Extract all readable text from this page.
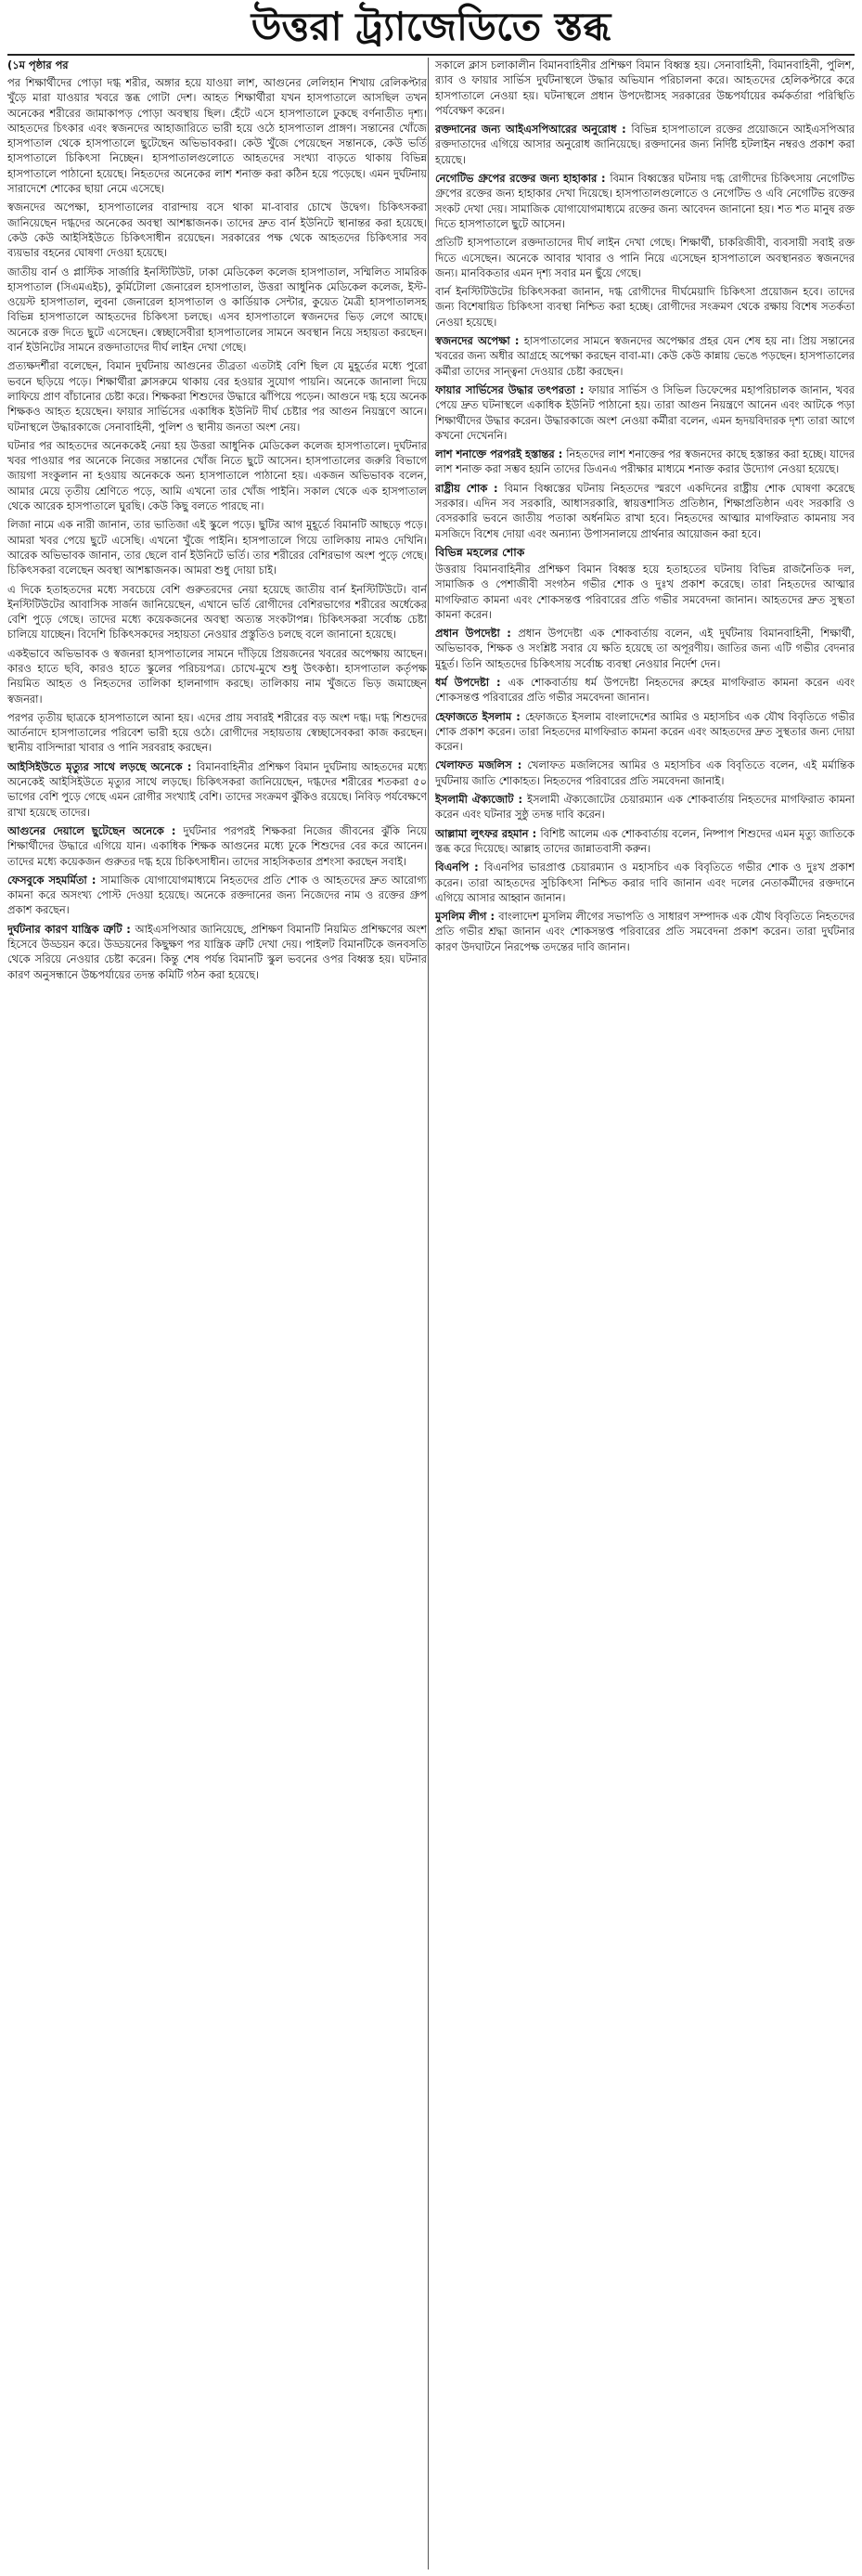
উত্তরা ট্র্যাজেডিতে স্তব্ধ
(১ম পৃষ্ঠার পর
পর শিক্ষার্থীদের পোড়া দগ্ধ শরীর, অঙ্গার হয়ে যাওয়া লাশ, আগুনের লেলিহান শিখায় রেলিকপ্টার খুঁড়ে মারা যাওয়ার খবরে স্তব্ধ গোটা দেশ। আহত শিক্ষার্থীরা যখন হাসপাতালে আসছিল তখন অনেকের শরীরের জামাকাপড় পোড়া অবস্থায় ছিল। হেঁটে এসে হাসপাতালে ঢুকছে বর্ণনাতীত দৃশ্য। আহতদের চিৎকার এবং স্বজনদের আহাজারিতে ভারী হয়ে ওঠে হাসপাতাল প্রাঙ্গণ। সন্তানের খোঁজে হাসপাতাল থেকে হাসপাতালে ছুটেছেন অভিভাবকরা। কেউ খুঁজে পেয়েছেন সন্তানকে, কেউ ভর্তি হাসপাতালে চিকিৎসা নিচ্ছেন। হাসপাতালগুলোতে আহতদের সংখ্যা বাড়তে থাকায় বিভিন্ন হাসপাতালে পাঠানো হয়েছে। নিহতদের অনেকের লাশ শনাক্ত করা কঠিন হয়ে পড়েছে। এমন দুর্ঘটনায় সারাদেশে শোকের ছায়া নেমে এসেছে।
স্বজনদের অপেক্ষা, হাসপাতালের বারান্দায় বসে থাকা মা-বাবার চোখে উদ্বেগ। চিকিৎসকরা জানিয়েছেন দগ্ধদের অনেকের অবস্থা আশঙ্কাজনক। তাদের দ্রুত বার্ন ইউনিটে স্থানান্তর করা হয়েছে। কেউ কেউ আইসিইউতে চিকিৎসাধীন রয়েছেন। সরকারের পক্ষ থেকে আহতদের চিকিৎসার সব ব্যয়ভার বহনের ঘোষণা দেওয়া হয়েছে।
জাতীয় বার্ন ও প্লাস্টিক সার্জারি ইনস্টিটিউট, ঢাকা মেডিকেল কলেজ হাসপাতাল, সম্মিলিত সামরিক হাসপাতাল (সিএমএইচ), কুর্মিটোলা জেনারেল হাসপাতাল, উত্তরা আধুনিক মেডিকেল কলেজ, ইস্ট-ওয়েস্ট হাসপাতাল, লুবনা জেনারেল হাসপাতাল ও কার্ডিয়াক সেন্টার, কুয়েত মৈত্রী হাসপাতালসহ বিভিন্ন হাসপাতালে আহতদের চিকিৎসা চলছে। এসব হাসপাতালে স্বজনদের ভিড় লেগে আছে। অনেকে রক্ত দিতে ছুটে এসেছেন। স্বেচ্ছাসেবীরা হাসপাতালের সামনে অবস্থান নিয়ে সহায়তা করছেন। বার্ন ইউনিটের সামনে রক্তদাতাদের দীর্ঘ লাইন দেখা গেছে।
প্রত্যক্ষদর্শীরা বলেছেন, বিমান দুর্ঘটনায় আগুনের তীব্রতা এতটাই বেশি ছিল যে মুহূর্তের মধ্যে পুরো ভবনে ছড়িয়ে পড়ে। শিক্ষার্থীরা ক্লাসরুমে থাকায় বের হওয়ার সুযোগ পায়নি। অনেকে জানালা দিয়ে লাফিয়ে প্রাণ বাঁচানোর চেষ্টা করে। শিক্ষকরা শিশুদের উদ্ধারে ঝাঁপিয়ে পড়েন। আগুনে দগ্ধ হয়ে অনেক শিক্ষকও আহত হয়েছেন। ফায়ার সার্ভিসের একাধিক ইউনিট দীর্ঘ চেষ্টার পর আগুন নিয়ন্ত্রণে আনে। ঘটনাস্থলে উদ্ধারকাজে সেনাবাহিনী, পুলিশ ও স্থানীয় জনতা অংশ নেয়।
ঘটনার পর আহতদের অনেককেই নেয়া হয় উত্তরা আধুনিক মেডিকেল কলেজ হাসপাতালে। দুর্ঘটনার খবর পাওয়ার পর অনেকে নিজের সন্তানের খোঁজ নিতে ছুটে আসেন। হাসপাতালের জরুরি বিভাগে জায়গা সংকুলান না হওয়ায় অনেককে অন্য হাসপাতালে পাঠানো হয়। একজন অভিভাবক বলেন, আমার মেয়ে তৃতীয় শ্রেণিতে পড়ে, আমি এখনো তার খোঁজ পাইনি। সকাল থেকে এক হাসপাতাল থেকে আরেক হাসপাতালে ঘুরছি। কেউ কিছু বলতে পারছে না।
লিজা নামে এক নারী জানান, তার ভাতিজা এই স্কুলে পড়ে। ছুটির আগ মুহূর্তে বিমানটি আছড়ে পড়ে। আমরা খবর পেয়ে ছুটে এসেছি। এখনো খুঁজে পাইনি। হাসপাতালে গিয়ে তালিকায় নামও দেখিনি। আরেক অভিভাবক জানান, তার ছেলে বার্ন ইউনিটে ভর্তি। তার শরীরের বেশিরভাগ অংশ পুড়ে গেছে। চিকিৎসকরা বলেছেন অবস্থা আশঙ্কাজনক। আমরা শুধু দোয়া চাই।
এ দিকে হতাহতদের মধ্যে সবচেয়ে বেশি গুরুতরদের নেয়া হয়েছে জাতীয় বার্ন ইনস্টিটিউটে। বার্ন ইনস্টিটিউটের আবাসিক সার্জন জানিয়েছেন, এখানে ভর্তি রোগীদের বেশিরভাগের শরীরের অর্ধেকের বেশি পুড়ে গেছে। তাদের মধ্যে কয়েকজনের অবস্থা অত্যন্ত সংকটাপন্ন। চিকিৎসকরা সর্বোচ্চ চেষ্টা চালিয়ে যাচ্ছেন। বিদেশি চিকিৎসকদের সহায়তা নেওয়ার প্রস্তুতিও চলছে বলে জানানো হয়েছে।
একইভাবে অভিভাবক ও স্বজনরা হাসপাতালের সামনে দাঁড়িয়ে প্রিয়জনের খবরের অপেক্ষায় আছেন। কারও হাতে ছবি, কারও হাতে স্কুলের পরিচয়পত্র। চোখে-মুখে শুধু উৎকণ্ঠা। হাসপাতাল কর্তৃপক্ষ নিয়মিত আহত ও নিহতদের তালিকা হালনাগাদ করছে। তালিকায় নাম খুঁজতে ভিড় জমাচ্ছেন স্বজনরা।
পরপর তৃতীয় ছাত্রকে হাসপাতালে আনা হয়। এদের প্রায় সবারই শরীরের বড় অংশ দগ্ধ। দগ্ধ শিশুদের আর্তনাদে হাসপাতালের পরিবেশ ভারী হয়ে ওঠে। রোগীদের সহায়তায় স্বেচ্ছাসেবকরা কাজ করছেন। স্থানীয় বাসিন্দারা খাবার ও পানি সরবরাহ করছেন।
আইসিইউতে মৃত্যুর সাথে লড়ছে অনেকে : বিমানবাহিনীর প্রশিক্ষণ বিমান দুর্ঘটনায় আহতদের মধ্যে অনেকেই আইসিইউতে মৃত্যুর সাথে লড়ছে। চিকিৎসকরা জানিয়েছেন, দগ্ধদের শরীরের শতকরা ৫০ ভাগের বেশি পুড়ে গেছে এমন রোগীর সংখ্যাই বেশি। তাদের সংক্রমণ ঝুঁকিও রয়েছে। নিবিড় পর্যবেক্ষণে রাখা হয়েছে তাদের।
আগুনের দেয়ালে ছুটেছেন অনেকে : দুর্ঘটনার পরপরই শিক্ষকরা নিজের জীবনের ঝুঁকি নিয়ে শিক্ষার্থীদের উদ্ধারে এগিয়ে যান। একাধিক শিক্ষক আগুনের মধ্যে ঢুকে শিশুদের বের করে আনেন। তাদের মধ্যে কয়েকজন গুরুতর দগ্ধ হয়ে চিকিৎসাধীন। তাদের সাহসিকতার প্রশংসা করছেন সবাই।
ফেসবুকে সহমর্মিতা : সামাজিক যোগাযোগমাধ্যমে নিহতদের প্রতি শোক ও আহতদের দ্রুত আরোগ্য কামনা করে অসংখ্য পোস্ট দেওয়া হয়েছে। অনেকে রক্তদানের জন্য নিজেদের নাম ও রক্তের গ্রুপ প্রকাশ করছেন।
দুর্ঘটনার কারণ যান্ত্রিক ত্রুটি : আইএসপিআর জানিয়েছে, প্রশিক্ষণ বিমানটি নিয়মিত প্রশিক্ষণের অংশ হিসেবে উড্ডয়ন করে। উড্ডয়নের কিছুক্ষণ পর যান্ত্রিক ত্রুটি দেখা দেয়। পাইলট বিমানটিকে জনবসতি থেকে সরিয়ে নেওয়ার চেষ্টা করেন। কিন্তু শেষ পর্যন্ত বিমানটি স্কুল ভবনের ওপর বিধ্বস্ত হয়। ঘটনার কারণ অনুসন্ধানে উচ্চপর্যায়ের তদন্ত কমিটি গঠন করা হয়েছে।
সকালে ক্লাস চলাকালীন বিমানবাহিনীর প্রশিক্ষণ বিমান বিধ্বস্ত হয়। সেনাবাহিনী, বিমানবাহিনী, পুলিশ, র‍্যাব ও ফায়ার সার্ভিস দুর্ঘটনাস্থলে উদ্ধার অভিযান পরিচালনা করে। আহতদের হেলিকপ্টারে করে হাসপাতালে নেওয়া হয়। ঘটনাস্থলে প্রধান উপদেষ্টাসহ সরকারের উচ্চপর্যায়ের কর্মকর্তারা পরিস্থিতি পর্যবেক্ষণ করেন।
রক্তদানের জন্য আইএসপিআরের অনুরোধ : বিভিন্ন হাসপাতালে রক্তের প্রয়োজনে আইএসপিআর রক্তদাতাদের এগিয়ে আসার অনুরোধ জানিয়েছে। রক্তদানের জন্য নির্দিষ্ট হটলাইন নম্বরও প্রকাশ করা হয়েছে।
নেগেটিভ গ্রুপের রক্তের জন্য হাহাকার : বিমান বিধ্বস্তের ঘটনায় দগ্ধ রোগীদের চিকিৎসায় নেগেটিভ গ্রুপের রক্তের জন্য হাহাকার দেখা দিয়েছে। হাসপাতালগুলোতে ও নেগেটিভ ও এবি নেগেটিভ রক্তের সংকট দেখা দেয়। সামাজিক যোগাযোগমাধ্যমে রক্তের জন্য আবেদন জানানো হয়। শত শত মানুষ রক্ত দিতে হাসপাতালে ছুটে আসেন।
প্রতিটি হাসপাতালে রক্তদাতাদের দীর্ঘ লাইন দেখা গেছে। শিক্ষার্থী, চাকরিজীবী, ব্যবসায়ী সবাই রক্ত দিতে এসেছেন। অনেকে আবার খাবার ও পানি নিয়ে এসেছেন হাসপাতালে অবস্থানরত স্বজনদের জন্য। মানবিকতার এমন দৃশ্য সবার মন ছুঁয়ে গেছে।
বার্ন ইনস্টিটিউটের চিকিৎসকরা জানান, দগ্ধ রোগীদের দীর্ঘমেয়াদি চিকিৎসা প্রয়োজন হবে। তাদের জন্য বিশেষায়িত চিকিৎসা ব্যবস্থা নিশ্চিত করা হচ্ছে। রোগীদের সংক্রমণ থেকে রক্ষায় বিশেষ সতর্কতা নেওয়া হয়েছে।
স্বজনদের অপেক্ষা : হাসপাতালের সামনে স্বজনদের অপেক্ষার প্রহর যেন শেষ হয় না। প্রিয় সন্তানের খবরের জন্য অধীর আগ্রহে অপেক্ষা করছেন বাবা-মা। কেউ কেউ কান্নায় ভেঙে পড়ছেন। হাসপাতালের কর্মীরা তাদের সান্ত্বনা দেওয়ার চেষ্টা করছেন।
ফায়ার সার্ভিসের উদ্ধার তৎপরতা : ফায়ার সার্ভিস ও সিভিল ডিফেন্সের মহাপরিচালক জানান, খবর পেয়ে দ্রুত ঘটনাস্থলে একাধিক ইউনিট পাঠানো হয়। তারা আগুন নিয়ন্ত্রণে আনেন এবং আটকে পড়া শিক্ষার্থীদের উদ্ধার করেন। উদ্ধারকাজে অংশ নেওয়া কর্মীরা বলেন, এমন হৃদয়বিদারক দৃশ্য তারা আগে কখনো দেখেননি।
লাশ শনাক্তে পরপরই হস্তান্তর : নিহতদের লাশ শনাক্তের পর স্বজনদের কাছে হস্তান্তর করা হচ্ছে। যাদের লাশ শনাক্ত করা সম্ভব হয়নি তাদের ডিএনএ পরীক্ষার মাধ্যমে শনাক্ত করার উদ্যোগ নেওয়া হয়েছে।
রাষ্ট্রীয় শোক : বিমান বিধ্বস্তের ঘটনায় নিহতদের স্মরণে একদিনের রাষ্ট্রীয় শোক ঘোষণা করেছে সরকার। এদিন সব সরকারি, আধাসরকারি, স্বায়ত্তশাসিত প্রতিষ্ঠান, শিক্ষাপ্রতিষ্ঠান এবং সরকারি ও বেসরকারি ভবনে জাতীয় পতাকা অর্ধনমিত রাখা হবে। নিহতদের আত্মার মাগফিরাত কামনায় সব মসজিদে বিশেষ দোয়া এবং অন্যান্য উপাসনালয়ে প্রার্থনার আয়োজন করা হবে।
বিভিন্ন মহলের শোক
উত্তরায় বিমানবাহিনীর প্রশিক্ষণ বিমান বিধ্বস্ত হয়ে হতাহতের ঘটনায় বিভিন্ন রাজনৈতিক দল, সামাজিক ও পেশাজীবী সংগঠন গভীর শোক ও দুঃখ প্রকাশ করেছে। তারা নিহতদের আত্মার মাগফিরাত কামনা এবং শোকসন্তপ্ত পরিবারের প্রতি গভীর সমবেদনা জানান। আহতদের দ্রুত সুস্থতা কামনা করেন।
প্রধান উপদেষ্টা : প্রধান উপদেষ্টা এক শোকবার্তায় বলেন, এই দুর্ঘটনায় বিমানবাহিনী, শিক্ষার্থী, অভিভাবক, শিক্ষক ও সংশ্লিষ্ট সবার যে ক্ষতি হয়েছে তা অপূরণীয়। জাতির জন্য এটি গভীর বেদনার মুহূর্ত। তিনি আহতদের চিকিৎসায় সর্বোচ্চ ব্যবস্থা নেওয়ার নির্দেশ দেন।
ধর্ম উপদেষ্টা : এক শোকবার্তায় ধর্ম উপদেষ্টা নিহতদের রুহের মাগফিরাত কামনা করেন এবং শোকসন্তপ্ত পরিবারের প্রতি গভীর সমবেদনা জানান।
হেফাজতে ইসলাম : হেফাজতে ইসলাম বাংলাদেশের আমির ও মহাসচিব এক যৌথ বিবৃতিতে গভীর শোক প্রকাশ করেন। তারা নিহতদের মাগফিরাত কামনা করেন এবং আহতদের দ্রুত সুস্থতার জন্য দোয়া করেন।
খেলাফত মজলিস : খেলাফত মজলিসের আমির ও মহাসচিব এক বিবৃতিতে বলেন, এই মর্মান্তিক দুর্ঘটনায় জাতি শোকাহত। নিহতদের পরিবারের প্রতি সমবেদনা জানাই।
ইসলামী ঐক্যজোট : ইসলামী ঐক্যজোটের চেয়ারম্যান এক শোকবার্তায় নিহতদের মাগফিরাত কামনা করেন এবং ঘটনার সুষ্ঠু তদন্ত দাবি করেন।
আল্লামা লুৎফর রহমান : বিশিষ্ট আলেম এক শোকবার্তায় বলেন, নিষ্পাপ শিশুদের এমন মৃত্যু জাতিকে স্তব্ধ করে দিয়েছে। আল্লাহ তাদের জান্নাতবাসী করুন।
বিএনপি : বিএনপির ভারপ্রাপ্ত চেয়ারম্যান ও মহাসচিব এক বিবৃতিতে গভীর শোক ও দুঃখ প্রকাশ করেন। তারা আহতদের সুচিকিৎসা নিশ্চিত করার দাবি জানান এবং দলের নেতাকর্মীদের রক্তদানে এগিয়ে আসার আহ্বান জানান।
মুসলিম লীগ : বাংলাদেশ মুসলিম লীগের সভাপতি ও সাধারণ সম্পাদক এক যৌথ বিবৃতিতে নিহতদের প্রতি গভীর শ্রদ্ধা জানান এবং শোকসন্তপ্ত পরিবারের প্রতি সমবেদনা প্রকাশ করেন। তারা দুর্ঘটনার কারণ উদঘাটনে নিরপেক্ষ তদন্তের দাবি জানান।
